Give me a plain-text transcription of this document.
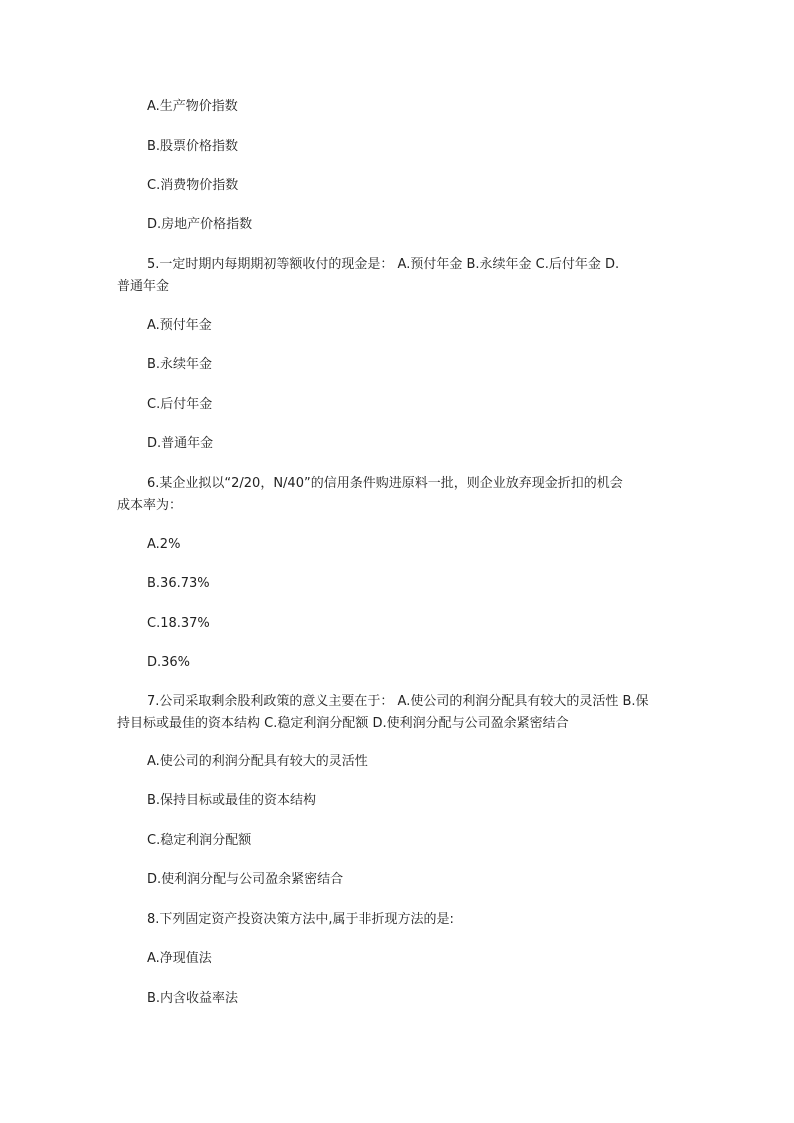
A.生产物价指数
B.股票价格指数
C.消费物价指数
D.房地产价格指数
5.一定时期内每期期初等额收付的现金是： A.预付年金 B.永续年金 C.后付年金 D.
普通年金
A.预付年金
B.永续年金
C.后付年金
D.普通年金
6.某企业拟以“2/20，N/40”的信用条件购进原料一批，则企业放弃现金折扣的机会
成本率为：
A.2%
B.36.73%
C.18.37%
D.36%
7.公司采取剩余股利政策的意义主要在于： A.使公司的利润分配具有较大的灵活性 B.保
持目标或最佳的资本结构 C.稳定利润分配额 D.使利润分配与公司盈余紧密结合
A.使公司的利润分配具有较大的灵活性
B.保持目标或最佳的资本结构
C.稳定利润分配额
D.使利润分配与公司盈余紧密结合
8.下列固定资产投资决策方法中,属于非折现方法的是:
A.净现值法
B.内含收益率法
